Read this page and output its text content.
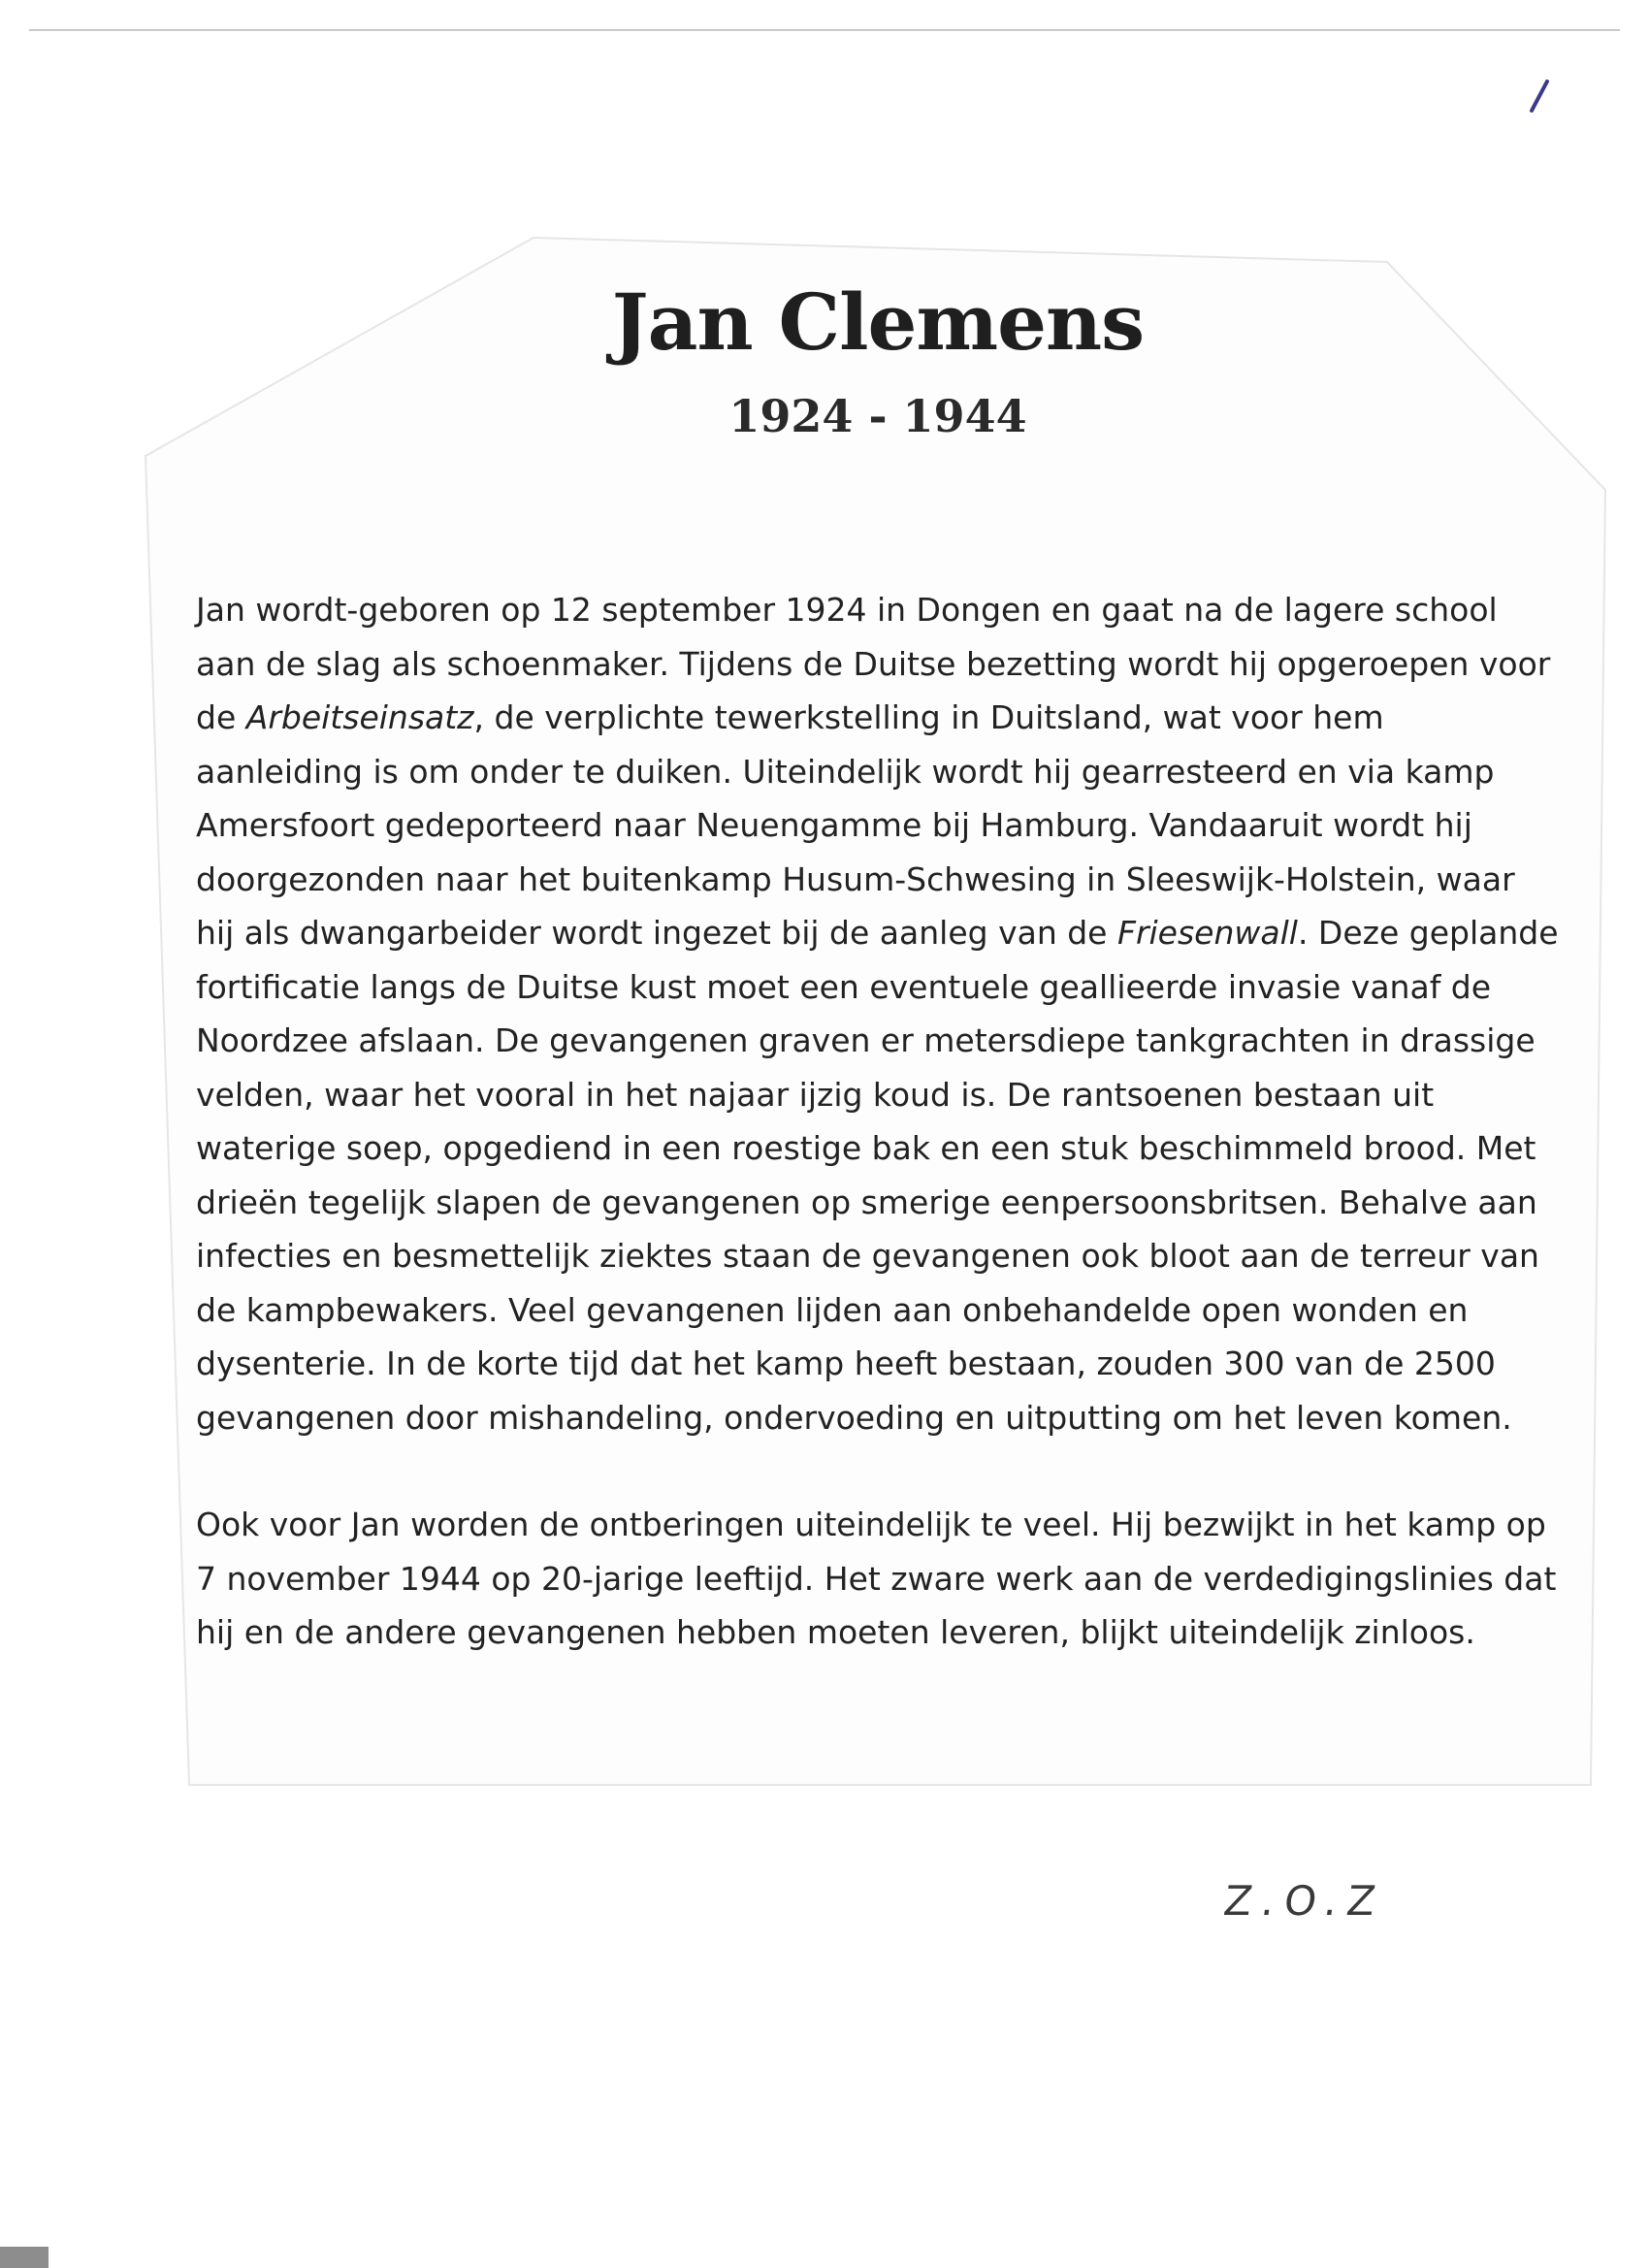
Jan Clemens
1924 - 1944

Jan wordt-geboren op 12 september 1924 in Dongen en gaat na de lagere school aan de slag als schoenmaker. Tijdens de Duitse bezetting wordt hij opgeroepen voor de Arbeitseinsatz, de verplichte tewerkstelling in Duitsland, wat voor hem aanleiding is om onder te duiken. Uiteindelijk wordt hij gearresteerd en via kamp Amersfoort gedeporteerd naar Neuengamme bij Hamburg. Vandaaruit wordt hij doorgezonden naar het buitenkamp Husum-Schwesing in Sleeswijk-Holstein, waar hij als dwangarbeider wordt ingezet bij de aanleg van de Friesenwall. Deze geplande fortificatie langs de Duitse kust moet een eventuele geallieerde invasie vanaf de Noordzee afslaan. De gevangenen graven er metersdiepe tankgrachten in drassige velden, waar het vooral in het najaar ijzig koud is. De rantsoenen bestaan uit waterige soep, opgediend in een roestige bak en een stuk beschimmeld brood. Met drieën tegelijk slapen de gevangenen op smerige eenpersoonsbritsen. Behalve aan infecties en besmettelijk ziektes staan de gevangenen ook bloot aan de terreur van de kampbewakers. Veel gevangenen lijden aan onbehandelde open wonden en dysenterie. In de korte tijd dat het kamp heeft bestaan, zouden 300 van de 2500 gevangenen door mishandeling, ondervoeding en uitputting om het leven komen.

Ook voor Jan worden de ontberingen uiteindelijk te veel. Hij bezwijkt in het kamp op 7 november 1944 op 20-jarige leeftijd. Het zware werk aan de verdedigingslinies dat hij en de andere gevangenen hebben moeten leveren, blijkt uiteindelijk zinloos.

Z.O.Z
